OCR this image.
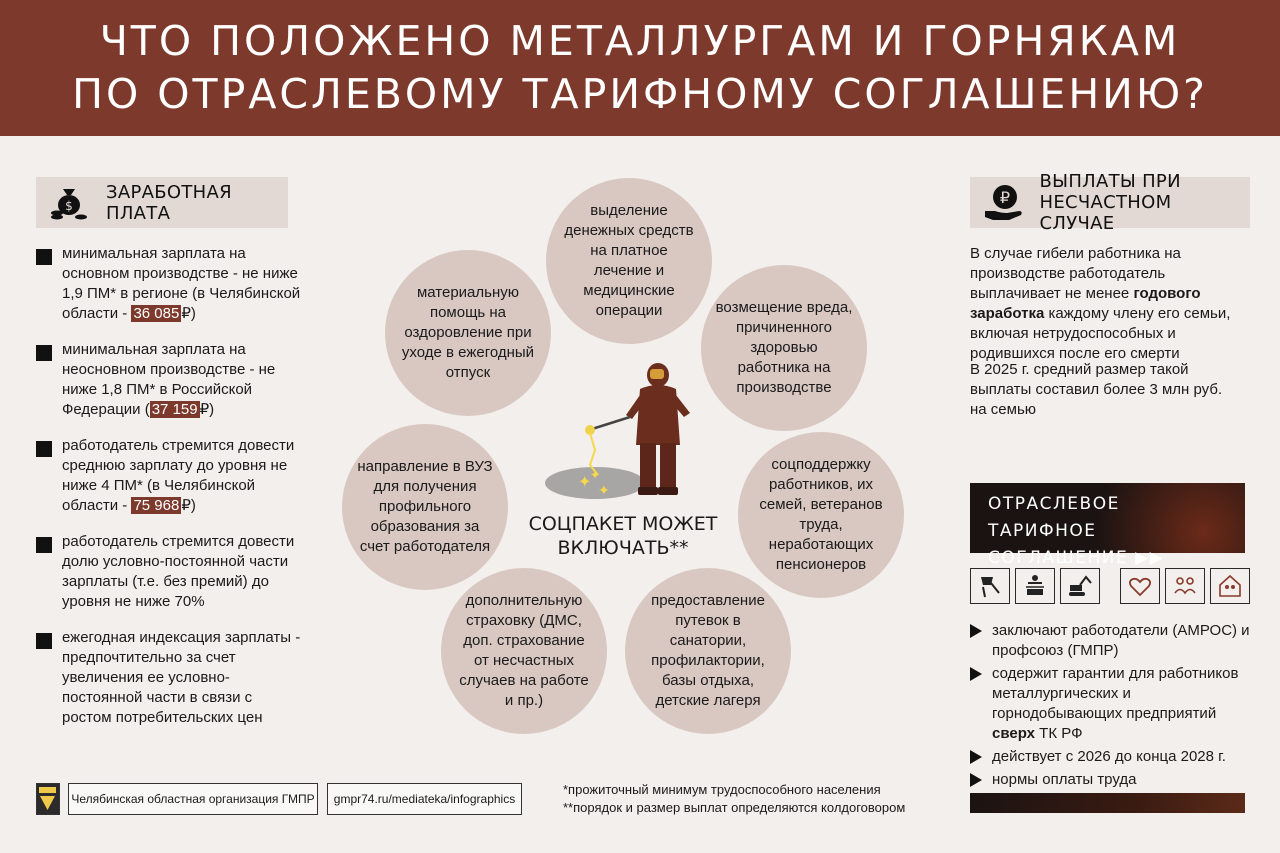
ЧТО ПОЛОЖЕНО МЕТАЛЛУРГАМ И ГОРНЯКАМ
ПО ОТРАСЛЕВОМУ ТАРИФНОМУ СОГЛАШЕНИЮ?
$
ЗАРАБОТНАЯ
ПЛАТА
минимальная зарплата на основном производстве - не ниже 1,9 ПМ* в регионе (в Челябинской области - 36 085 ₽)
минимальная зарплата на неосновном производстве - не ниже 1,8 ПМ* в Российской Федерации ( 37 159 ₽)
работодатель стремится довести среднюю зарплату до уровня не ниже 4 ПМ* (в Челябинской области - 75 968 ₽)
работодатель стремится довести долю условно-постоянной части зарплаты (т.е. без премий) до уровня не ниже 70%
ежегодная индексация зарплаты - предпочтительно за счет увеличения ее условно-постоянной части в связи с ростом потребительских цен
выделение денежных средств на платное лечение и медицинские операции	возмещение вреда, причиненного здоровью работника на производстве
соцподдержку работников, их семей, ветеранов труда, неработающих пенсионеров
предоставление путевок в санатории, профилактории, базы отдыха, детские лагеря
дополнительную страховку (ДМС, доп. страхование от несчастных случаев на работе и пр.)
направление в ВУЗ для получения профильного образования за счет работодателя
материальную помощь на оздоровление при уходе в ежегодный отпуск
✦ ✦
✦
СОЦПАКЕТ МОЖЕТ
ВКЛЮЧАТЬ**
₽
ВЫПЛАТЫ ПРИ
НЕСЧАСТНОМ СЛУЧАЕ
В случае гибели работника на производстве работодатель выплачивает не менее годового заработка каждому члену его семьи, включая нетрудоспособных и родившихся после его смерти
В 2025 г. средний размер такой выплаты составил более 3 млн руб. на семью
ОТРАСЛЕВОЕ ТАРИФНОЕ
СОГЛАШЕНИЕ ▶▶
заключают работодатели (АМРОС) и профсоюз (ГМПР)
содержит гарантии для работников металлургических и горнодобывающих предприятий сверх ТК РФ
действует с 2026 до конца 2028 г.
нормы оплаты труда
Челябинская областная организация ГМПР	gmpr74.ru/mediateka/infographics
*прожиточный минимум трудоспособного населения
**порядок и размер выплат определяются колдоговором
